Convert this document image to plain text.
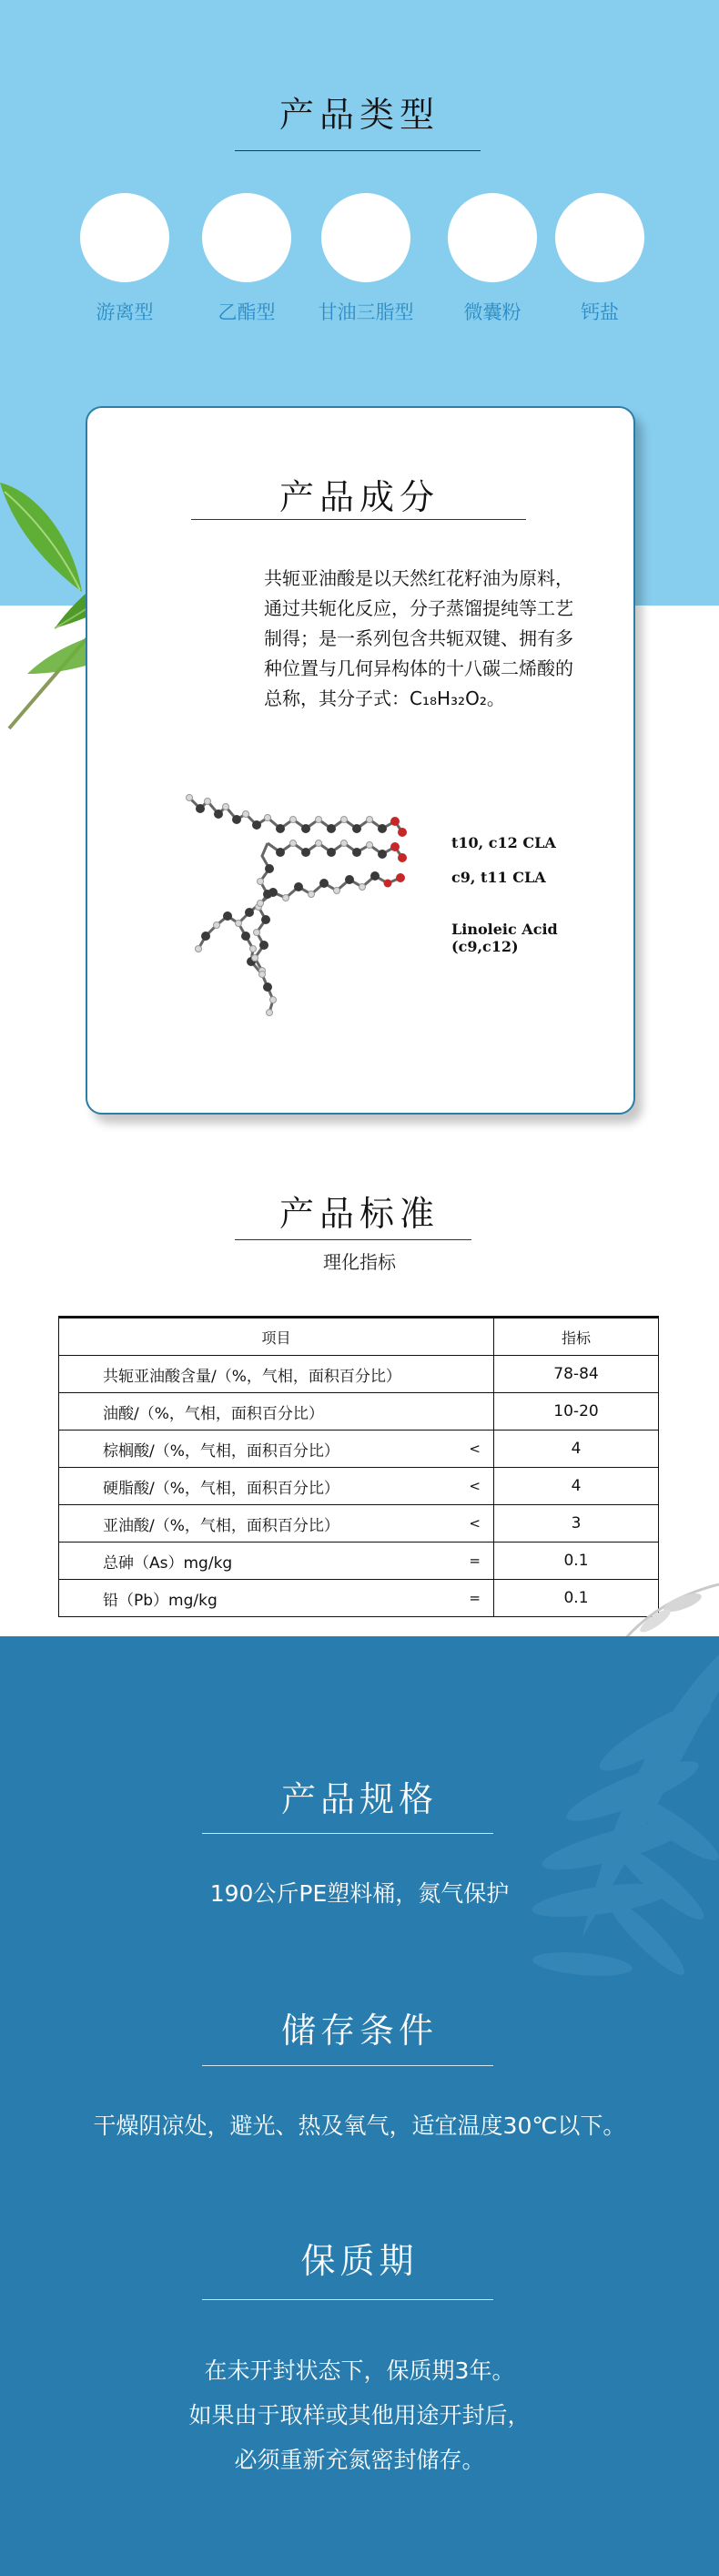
产品类型
游离型	乙酯型	甘油三脂型	微囊粉	钙盐
产品成分

共轭亚油酸是以天然红花籽油为原料，通过共轭化反应，分子蒸馏提纯等工艺制得；是一系列包含共轭双键、拥有多种位置与几何异构体的十八碳二烯酸的总称，其分子式：C₁₈H₃₂O₂。

t10, c12 CLA
c9, t11 CLA
Linoleic Acid
(c9,c12)
产品标准
理化指标
项目	指标
共轭亚油酸含量/（%，气相，面积百分比）	78-84
油酸/（%，气相，面积百分比）	10-20
棕榈酸/（%，气相，面积百分比） <	4
硬脂酸/（%，气相，面积百分比） <	4
亚油酸/（%，气相，面积百分比） <	3
总砷（As）mg/kg =	0.1
铅（Pb）mg/kg =	0.1
产品规格
190公斤PE塑料桶，氮气保护
储存条件
干燥阴凉处，避光、热及氧气，适宜温度30℃以下。
保质期
在未开封状态下，保质期3年。
如果由于取样或其他用途开封后，
必须重新充氮密封储存。
